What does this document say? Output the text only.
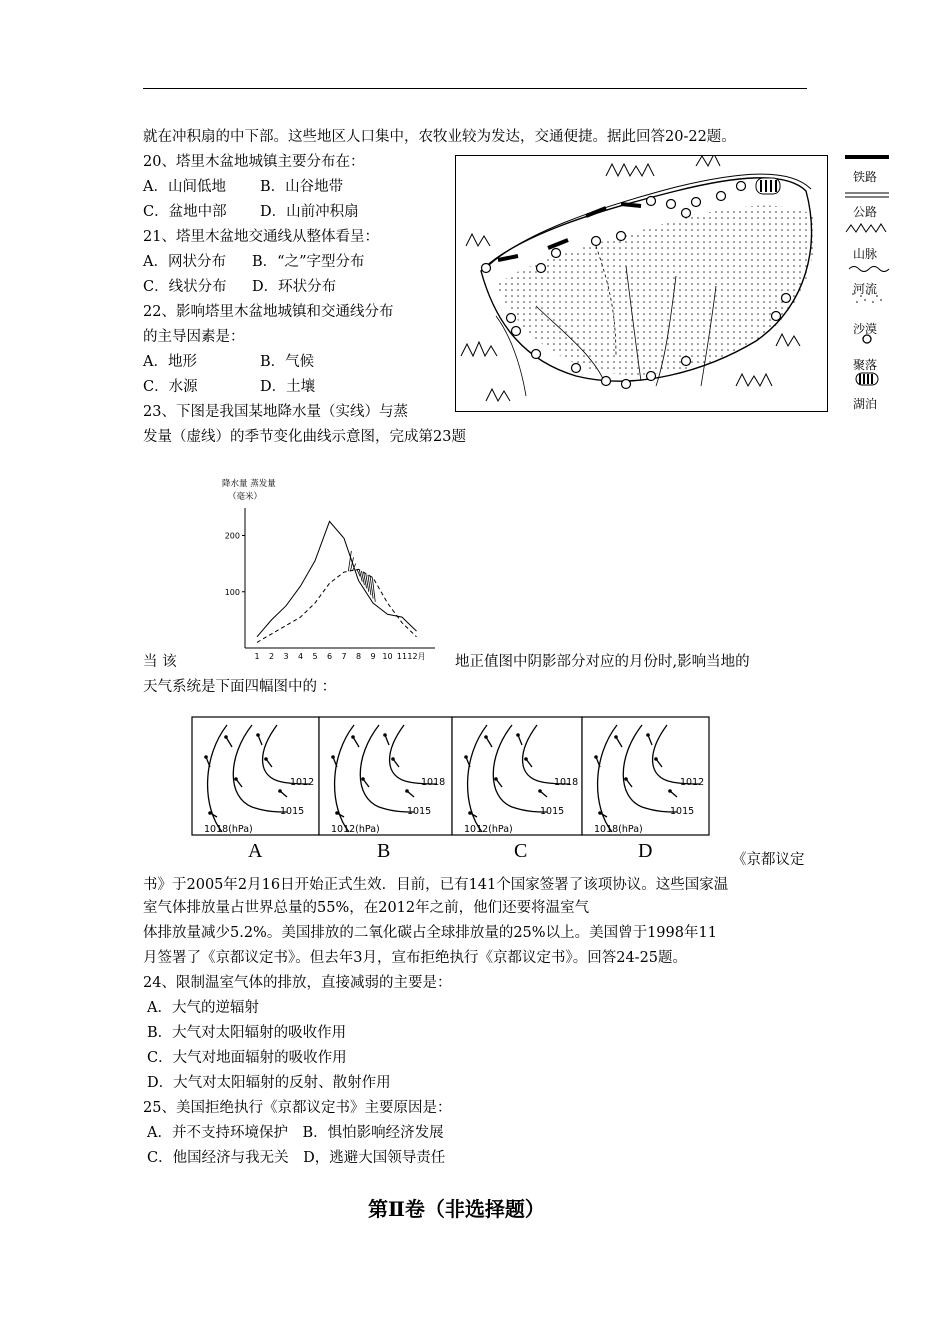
就在冲积扇的中下部。这些地区人口集中，农牧业较为发达，交通便捷。据此回答20-22题。
20、塔里木盆地城镇主要分布在：
A．山间低地 B．山谷地带
C．盆地中部 D．山前冲积扇
21、塔里木盆地交通线从整体看呈：
A．网状分布 B．“之”字型分布
C．线状分布 D．环状分布
22、影响塔里木盆地城镇和交通线分布
的主导因素是：
A．地形	B．气候
C．水源	D．土壤
23、下图是我国某地降水量（实线）与蒸
发量（虚线）的季节变化曲线示意图，完成第23题
铁路
公路
山脉
河流
沙漠
聚落
湖泊
降水量 蒸发量
（毫米）
100
200
1 2 3 4 5 6 7 8 9 10 11 12月
当 该	地正值图中阴影部分对应的月份时,影响当地的
天气系统是下面四幅图中的 ：
1012
1015
1018(hPa)
1018
1015
1012(hPa)
1018
1015
1012(hPa)
1012
1015
1018(hPa)
A	B	C	D	《京都议定
书》于2005年2月16日开始正式生效．目前，已有141个国家签署了该项协议。这些国家温
室气体排放量占世界总量的55%，在2012年之前，他们还要将温室气
体排放量减少5.2%。美国排放的二氧化碳占全球排放量的25%以上。美国曾于1998年11
月签署了《京都议定书》。但去年3月，宣布拒绝执行《京都议定书》。回答24-25题。
24、限制温室气体的排放，直接减弱的主要是：
A．大气的逆辐射
B．大气对太阳辐射的吸收作用
C．大气对地面辐射的吸收作用
D．大气对太阳辐射的反射、散射作用
25、美国拒绝执行《京都议定书》主要原因是：
A．并不支持环境保护　B．惧怕影响经济发展
C．他国经济与我无关　D，逃避大国领导责任
第Ⅱ卷（非选择题）
